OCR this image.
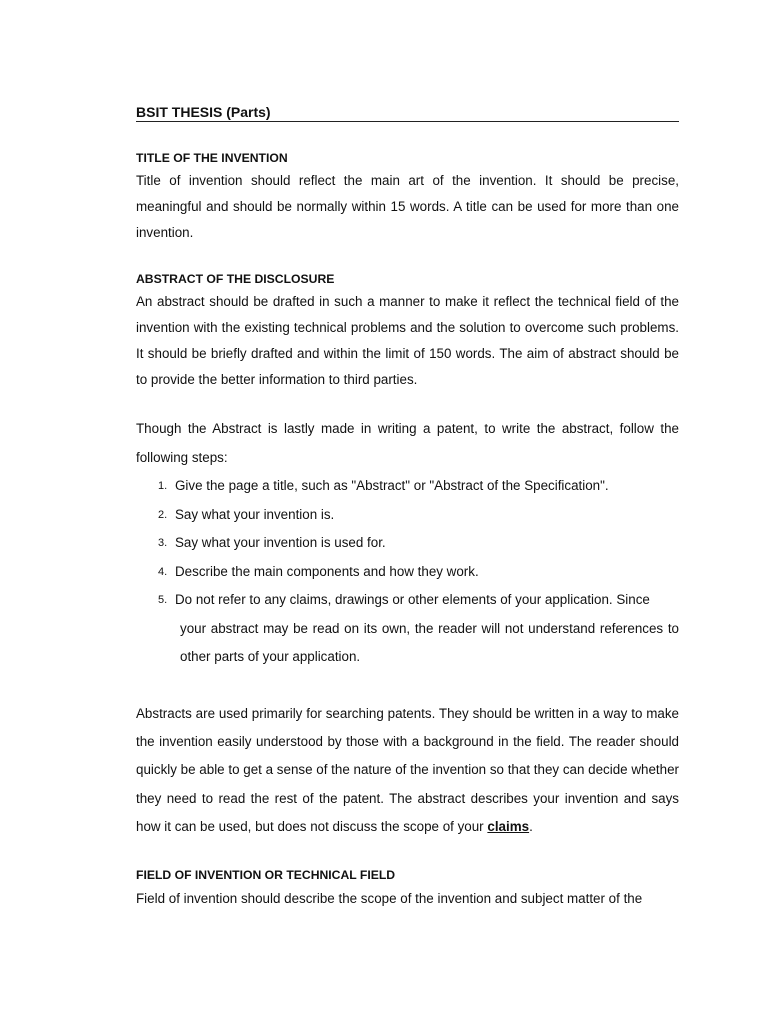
BSIT THESIS (Parts)
TITLE OF THE INVENTION

Title of invention should reflect the main art of the invention. It should be precise, meaningful and should be normally within 15 words. A title can be used for more than one invention.

ABSTRACT OF THE DISCLOSURE

An abstract should be drafted in such a manner to make it reflect the technical field of the invention with the existing technical problems and the solution to overcome such problems. It should be briefly drafted and within the limit of 150 words. The aim of abstract should be to provide the better information to third parties.

Though the Abstract is lastly made in writing a patent, to write the abstract, follow the following steps:

1. Give the page a title, such as "Abstract" or "Abstract of the Specification".
2. Say what your invention is.
3. Say what your invention is used for.
4. Describe the main components and how they work.
5. Do not refer to any claims, drawings or other elements of your application. Since
your abstract may be read on its own, the reader will not understand references to other parts of your application.

Abstracts are used primarily for searching patents. They should be written in a way to make the invention easily understood by those with a background in the field. The reader should quickly be able to get a sense of the nature of the invention so that they can decide whether they need to read the rest of the patent. The abstract describes your invention and says how it can be used, but does not discuss the scope of your claims.

FIELD OF INVENTION OR TECHNICAL FIELD

Field of invention should describe the scope of the invention and subject matter of the
